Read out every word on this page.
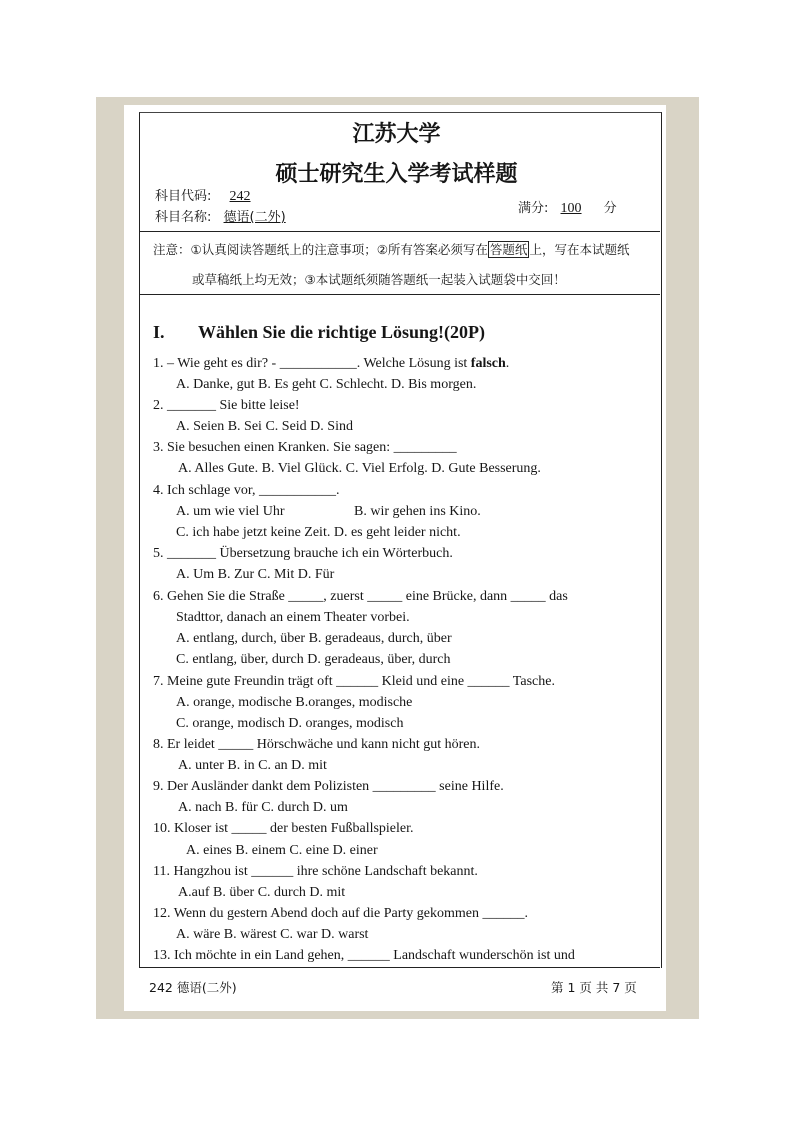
江苏大学
硕士研究生入学考试样题
科目代码: 242
科目名称: 德语(二外)
满分: 100 分
注意：①认真阅读答题纸上的注意事项；②所有答案必须写在 答题纸 上，写在本试题纸
或草稿纸上均无效；③本试题纸须随答题纸一起装入试题袋中交回！
I. Wählen Sie die richtige Lösung!(20P)
1. – Wie geht es dir? - ___________. Welche Lösung ist falsch.
A. Danke, gut B. Es geht C. Schlecht. D. Bis morgen.
2. _______ Sie bitte leise!
A. Seien B. Sei C. Seid D. Sind
3. Sie besuchen einen Kranken. Sie sagen: _________
A. Alles Gute. B. Viel Glück. C. Viel Erfolg. D. Gute Besserung.
4. Ich schlage vor, ___________.
A. um wie viel Uhr	B. wir gehen ins Kino.
C. ich habe jetzt keine Zeit. D. es geht leider nicht.
5. _______ Übersetzung brauche ich ein Wörterbuch.
A. Um B. Zur C. Mit D. Für
6. Gehen Sie die Straße _____, zuerst _____ eine Brücke, dann _____ das
Stadttor, danach an einem Theater vorbei.
A. entlang, durch, über B. geradeaus, durch, über
C. entlang, über, durch D. geradeaus, über, durch
7. Meine gute Freundin trägt oft ______ Kleid und eine ______ Tasche.
A. orange, modische B.oranges, modische
C. orange, modisch D. oranges, modisch
8. Er leidet _____ Hörschwäche und kann nicht gut hören.
A. unter B. in C. an D. mit
9. Der Ausländer dankt dem Polizisten _________ seine Hilfe.
A. nach B. für C. durch D. um
10. Kloser ist _____ der besten Fußballspieler.
A. eines B. einem C. eine D. einer
11. Hangzhou ist ______ ihre schöne Landschaft bekannt.
A.auf B. über C. durch D. mit
12. Wenn du gestern Abend doch auf die Party gekommen ______.
A. wäre B. wärest C. war D. warst
13. Ich möchte in ein Land gehen, ______ Landschaft wunderschön ist und
242 德语(二外)	第 1 页 共 7 页
